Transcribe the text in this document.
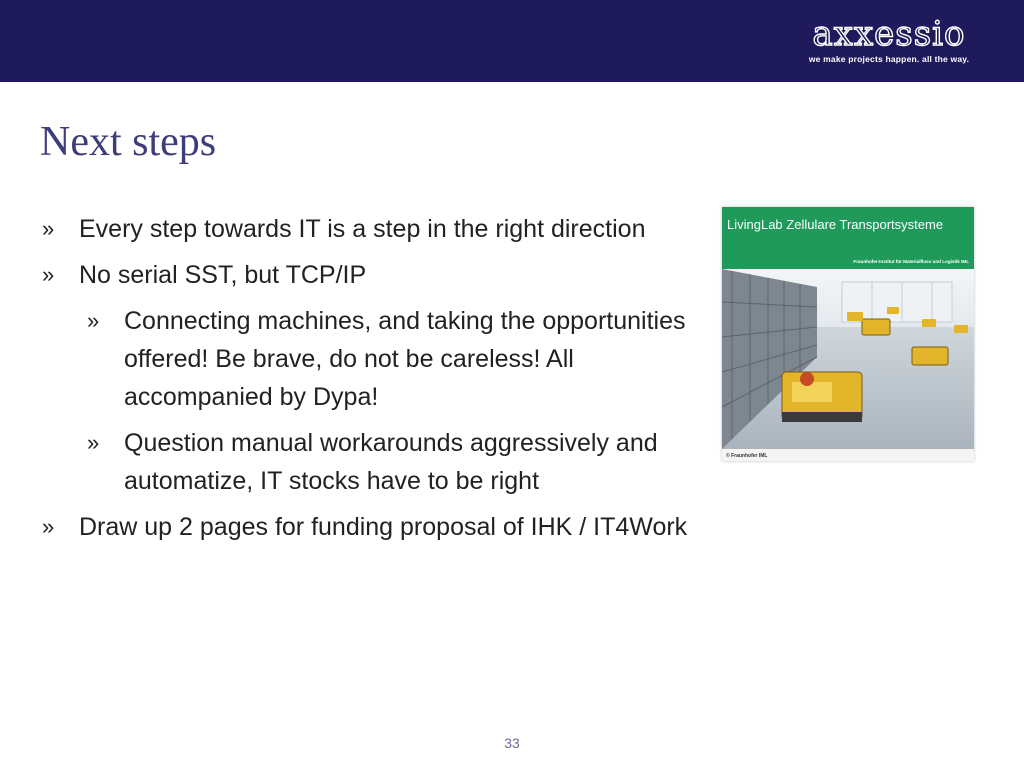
axxessio
we make projects happen. all the way.
Next steps
» Every step towards IT is a step in the right direction
» No serial SST, but TCP/IP
» Connecting machines, and taking the opportunities offered! Be brave, do not be careless! All accompanied by Dypa!
» Question manual workarounds aggressively and automatize, IT stocks have to be right
» Draw up 2 pages for funding proposal of IHK / IT4Work
LivingLab Zellulare Transportsysteme
Fraunhofer-Institut für Materialfluss und Logistik IML
© Fraunhofer IML
33
